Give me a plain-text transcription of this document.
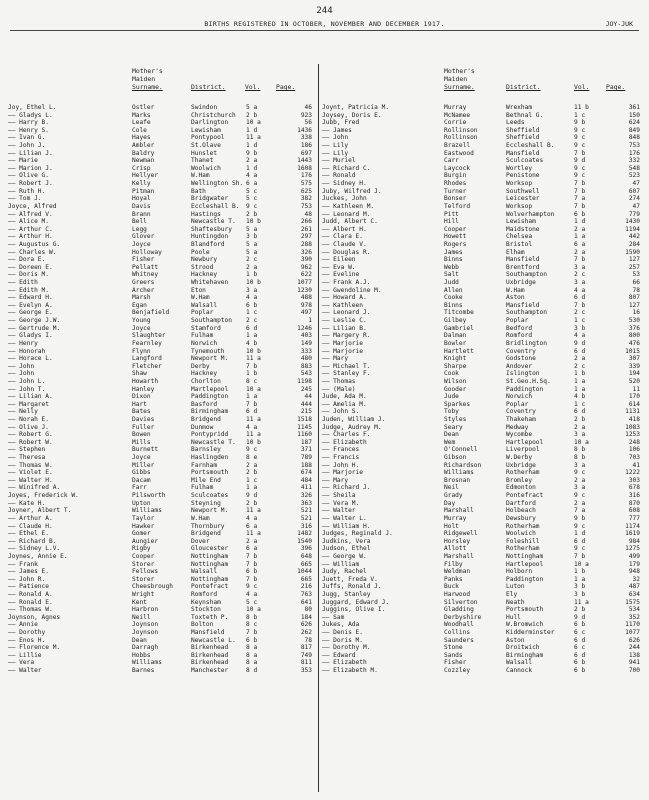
244
BIRTHS REGISTERED IN OCTOBER, NOVEMBER AND DECEMBER 1917.	JOY-JUK
Mother's
Maiden
Surname.	District.	Vol. Page.
Joy, Ethel L.	Ostler	Swindon	5 a	46
—— Gladys L.	Marks	Christchurch	2 b	923
—— Harry B.	Leafe	Darlington	10 a	56
—— Henry S.	Cole	Lewisham	1 d	1436
—— Ivan G.	Hayes	Pontypool	11 a	338
—— John J.	Ambler	St.Olave	1 d	186
—— Lilian J.	Baldry	Hunslet	9 b	697
—— Marie	Newman	Thanet	2 a	1443
—— Marion J.	Crisp	Woolwich	1 d	1608
—— Olive G.	Hellyer	W.Ham	4 a	176
—— Robert J.	Kelly	Wellington Sh. 6 a	575
—— Ruth H.	Pitman	Bath	5 c	625
—— Tom J.	Hoyal	Bridgwater	5 c	382
Joyce, Alfred	Davis	Eccleshall B.	9 c	753
—— Alfred V.	Brann	Hastings	2 b	48
—— Alice M.	Bell	Newcastle T.	10 b	266
—— Arthur C.	Legg	Shaftesbury	5 a	261
—— Arthur H.	Glover	Huntingdon	3 b	297
—— Augustus G.	Joyce	Blandford	5 a	288
—— Charles W.	Holloway	Poole	5 a	326
—— Dora E.	Fisher	Newbury	2 c	390
—— Doreen E.	Pellatt	Strood	2 a	962
—— Doris M.	Whitney	Hackney	1 b	622
—— Edith	Greers	Whitehaven	10 b	1077
—— Edith M.	Archer	Eton	3 a	1230
—— Edward H.	Marsh	W.Ham	4 a	488
—— Evelyn A.	Egan	Walsall	6 b	978
—— George E.	Benjafield	Poplar	1 c	497
—— George J.W.	Young	Southampton	2 c	1
—— Gertrude M.	Joyce	Stamford	6 d	1246
—— Gladys I.	Slaughter	Fulham	1 a	403
—— Henry	Fearnley	Norwich	4 b	149
—— Honorah	Flynn	Tynemouth	10 b	333
—— Horace L.	Langford	Newport M.	11 a	480
—— John	Fletcher	Derby	7 b	883
—— John	Shaw	Hackney	1 b	543
—— John L.	Howarth	Chorlton	8 c	1198
—— John T.	Hanley	Martlepool	10 a	245
—— Lilian A.	Dixon	Paddington	1 a	44
—— Margaret	Hart	Basford	7 b	444
—— Nelly	Bates	Birmingham	6 d	215
—— Norah E.	Davies	Bridgend	11 a	1518
—— Olive J.	Fuller	Dunmow	4 a	1145
—— Robert G.	Bowen	Pontypridd	11 a	1160
—— Robert W.	Mills	Newcastle T.	10 b	187
—— Stephen	Burnett	Barnsley	9 c	371
—— Theresa	Joyce	Haslingden	8 e	789
—— Thomas W.	Miller	Farnham	2 a	188
—— Violet E.	Gibbs	Portsmouth	2 b	674
—— Walter H.	Dacam	Mile End	1 c	484
—— Winifred A.	Farr	Fulham	1 a	411
Joyes, Frederick W.	Pilsworth	Sculcoates	9 d	326
—— Kate H.	Upton	Steyning	2 b	363
Joyner, Albert T.	Williams	Newport M.	11 a	521
—— Arthur A.	Taylor	W.Ham	4 a	521
—— Claude H.	Hawker	Thornbury	6 a	316
—— Ethel E.	Gomer	Bridgend	11 a	1482
—— Richard B.	Aungier	Dover	2 a	1540
—— Sidney L.V.	Rigby	Gloucester	6 a	396
Joynes, Annie E.	Cooper	Nottingham	7 b	648
—— Frank	Storer	Nottingham	7 b	665
—— James E.	Fellows	Walsall	6 b	1044
—— John R.	Storer	Nottingham	7 b	665
—— Patience	Cheesbrough	Pontefract	9 c	216
—— Ronald A.	Wright	Romford	4 a	763
—— Ronald E.	Kent	Keynsham	5 c	641
—— Thomas W.	Harbron	Stockton	10 a	80
Joynson, Agnes	Neill	Toxteth P.	8 b	184
—— Annie	Joynson	Bolton	8 c	626
—— Dorothy	Joynson	Mansfield	7 b	262
—— Enos H.	Dean	Newcastle L.	6 b	78
—— Florence M.	Darragh	Birkenhead	8 a	817
—— Lillie	Hobbs	Birkenhead	8 a	749
—— Vera	Williams	Birkenhead	8 a	811
—— Walter	Barnes	Manchester	8 d	353
Mother's
Maiden
Surname.	District.	Vol.	Page.
Joynt, Patricia M.	Murray	Wrexham	11 b	361
Joysey, Doris E.	McNamee	Bethnal G.	1 c	150
Jubb, Fred	Corrie	Leeds	9 b	624
—— James	Rollinson	Sheffield	9 c	849
—— John	Rollinson	Sheffield	9 c	848
—— Lily	Brazell	Eccleshall B.	9 c	753
—— Lily	Eastwood	Mansfield	7 b	176
—— Muriel	Carr	Sculcoates	9 d	332
—— Richard C.	Laycock	Wortley	9 c	548
—— Ronald	Burgin	Penistone	9 c	523
—— Sidney H.	Rhodes	Worksop	7 b	47
Juby, Wilfred J.	Turner	Southwell	7 b	607
Juckes, John	Bonser	Leicester	7 a	274
—— Kathleen M.	Telford	Worksop	7 b	47
—— Leonard M.	Pitt	Wolverhampton	6 b	779
Judd, Albert C.	Hill	Lewisham	1 d	1430
—— Albert H.	Cooper	Maidstone	2 a	1194
—— Clara E.	Howett	Chelsea	1 a	442
—— Claude V.	Rogers	Bristol	6 a	284
—— Douglas R.	James	Elham	2 a	1590
—— Eileen	Binns	Mansfield	7 b	127
—— Eva W.	Webb	Brentford	3 a	257
—— Eveline	Salt	Southampton	2 c	53
—— Frank A.J.	Judd	Uxbridge	3 a	66
—— Gwendoline M.	Allen	W.Ham	4 a	78
—— Howard A.	Cooke	Aston	6 d	807
—— Kathleen	Binns	Mansfield	7 b	127
—— Leonard J.	Titcombe	Southampton	2 c	16
—— Leslie C.	Gilbey	Poplar	1 c	530
—— Lilian B.	Gambriel	Bedford	3 b	376
—— Margery R.	Dalman	Romford	4 a	800
—— Marjorie	Bowler	Bridlington	9 d	476
—— Marjorie	Hartlett	Coventry	6 d	1015
—— Mary	Knight	Godstone	2 a	307
—— Michael T.	Sharpe	Andover	2 c	339
—— Stanley F.	Cook	Islington	1 b	194
—— Thomas	Wilson	St.Geo.H.Sq.	1 a	520
—— (Male)	Gooder	Paddington	1 a	11
Jude, Ada M.	Jude	Norwich	4 b	170
—— Amelia M.	Sparkes	Poplar	1 c	614
—— John S.	Toby	Coventry	6 d	1131
Juden, William J.	Styles	Thakeham	2 b	418
Judge, Audrey M.	Seary	Medway	2 a	1083
—— Charles F.	Dean	Wycombe	3 a	1253
—— Elizabeth	Wem	Hartlepool	10 a	248
—— Frances	O'Connell	Liverpool	8 b	106
—— Francis	Gibson	W.Derby	8 b	703
—— John H.	Richardson	Uxbridge	3 a	41
—— Marjorie	Williams	Rotherham	9 c	1222
—— Mary	Brosnan	Bromley	2 a	303
—— Richard J.	Neil	Edmonton	3 a	678
—— Sheila	Grady	Pontefract	9 c	316
—— Vera M.	Day	Dartford	2 a	870
—— Walter	Marshall	Holbeach	7 a	608
—— Walter L.	Murray	Dewsbury	9 b	777
—— William H.	Holt	Rotherham	9 c	1174
Judges, Reginald J.	Ridgewell	Woolwich	1 d	1619
Judkins, Vera	Horsley	Foleshill	6 d	984
Judson, Ethel	Allott	Rotherham	9 c	1275
—— George W.	Marshall	Nottingham	7 b	499
—— William	Filby	Hartlepool	10 a	179
Judy, Rachel	Weldman	Holborn	1 b	948
Juett, Freda V.	Panks	Paddington	1 a	32
Juffs, Ronald J.	Buck	Luton	3 b	487
Jugg, Stanley	Harwood	Ely	3 b	634
Juggard, Edward J.	Silverton	Neath	11 a	1575
Juggins, Olive I.	Gladding	Portsmouth	2 b	534
—— Sam	Derbyshire	Hull	9 d	352
Jukes, Ada	Woodhall	W.Bromwich	6 b	1170
—— Denis E.	Collins	Kidderminster	6 c	1077
—— Doris M.	Saunders	Aston	6 d	626
—— Dorothy M.	Stone	Droitwich	6 c	244
—— Edward	Sands	Birmingham	6 d	138
—— Elizabeth	Fisher	Walsall	6 b	941
—— Elizabeth M.	Cozzley	Cannock	6 b	700
